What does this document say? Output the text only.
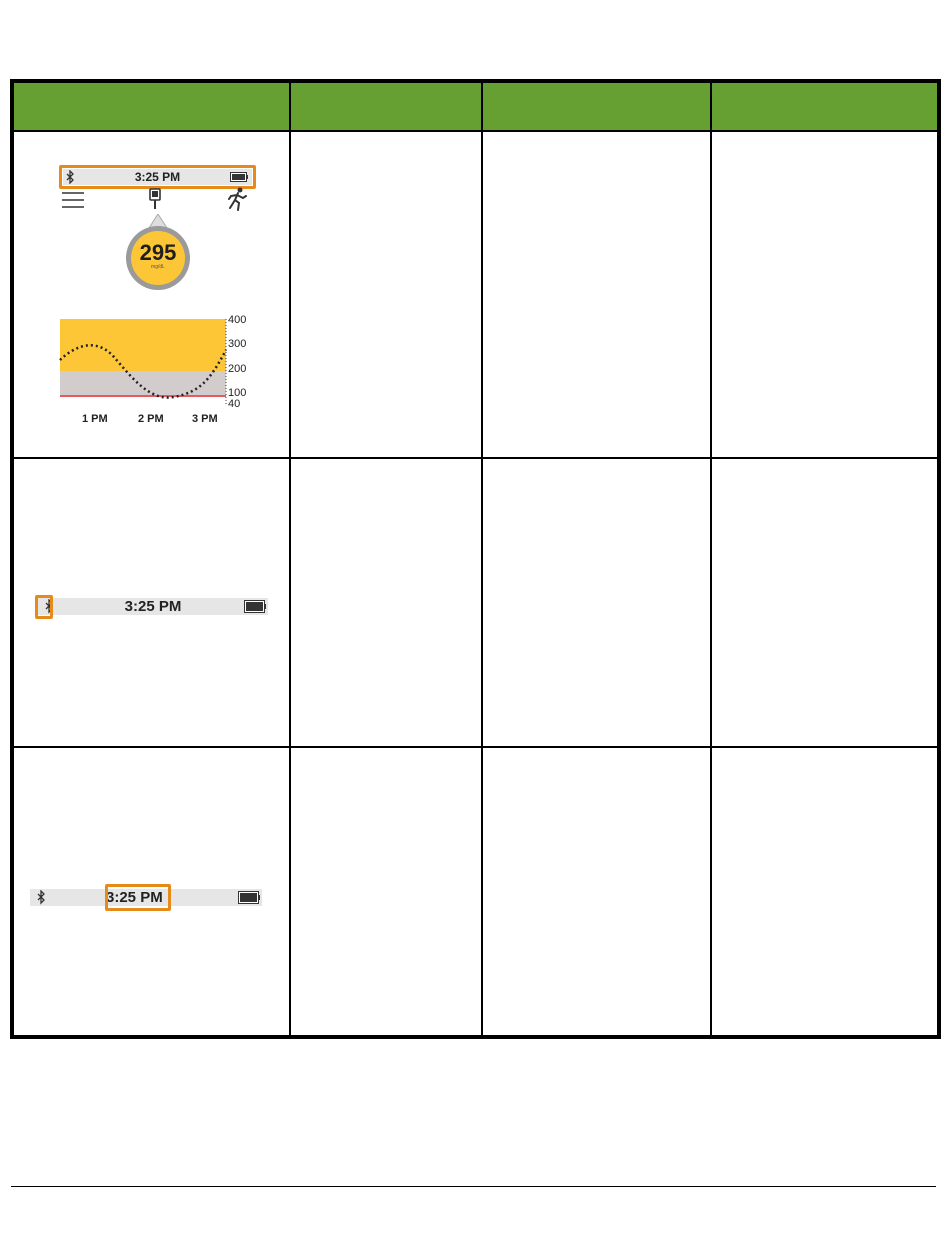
3:25 PM
295
mg/dL
400
300
200
100
40
1 PM	2 PM	3 PM
3:25 PM
3:25 PM
